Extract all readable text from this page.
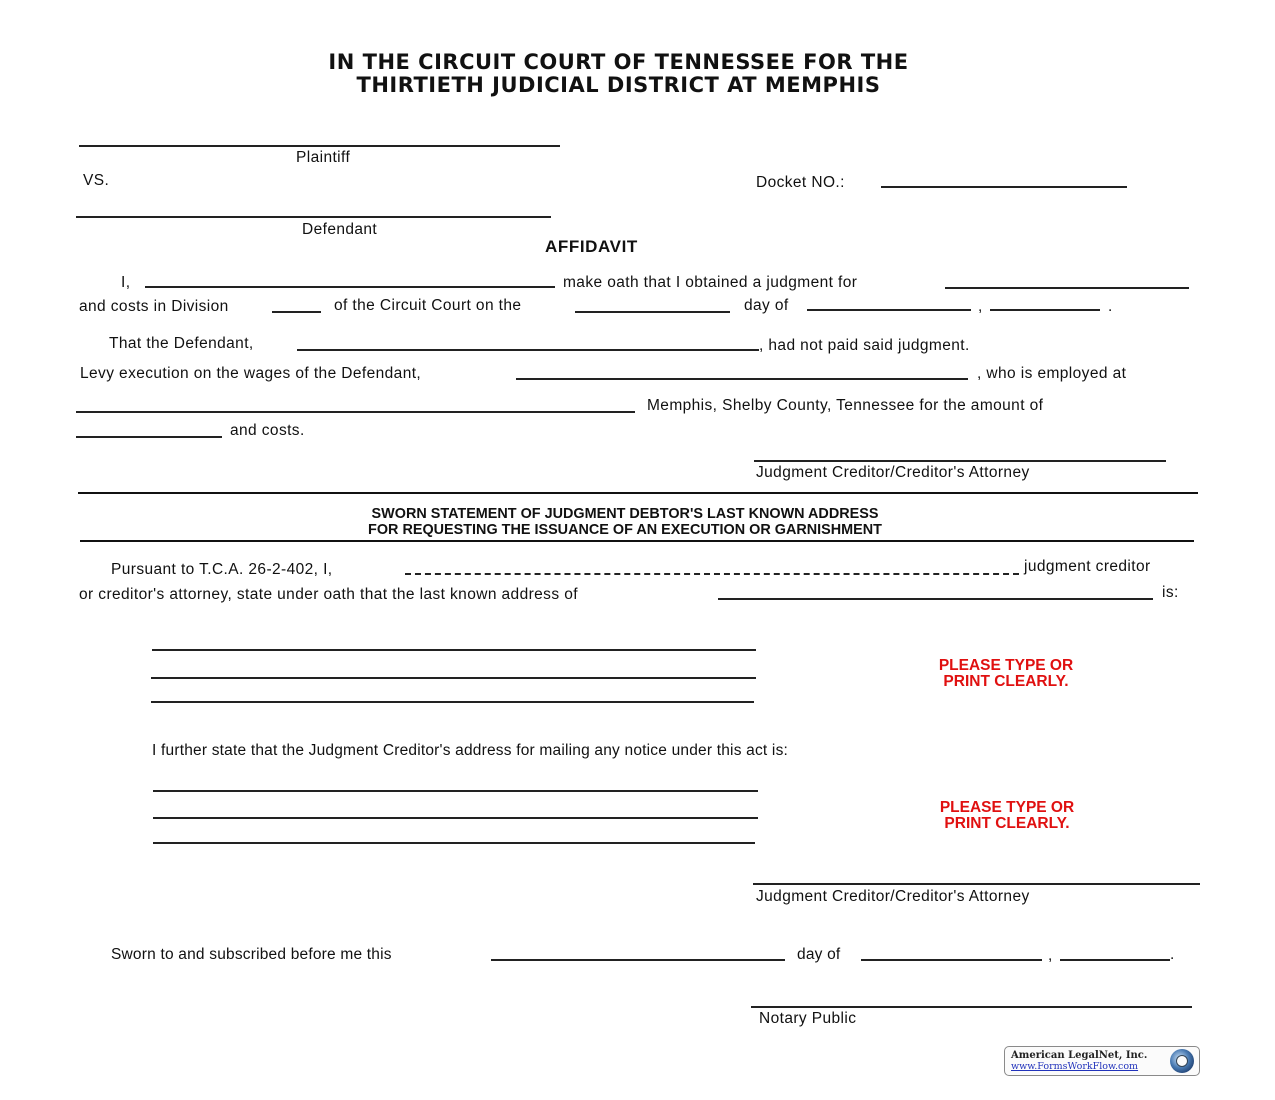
IN THE CIRCUIT COURT OF TENNESSEE FOR THE
THIRTIETH JUDICIAL DISTRICT AT MEMPHIS
Plaintiff
VS.	Docket NO.:
Defendant
AFFIDAVIT
I,	make oath that I obtained a judgment for
and costs in Division	of the Circuit Court on the	day of	,	.
That the Defendant,	, had not paid said judgment.
Levy execution on the wages of the Defendant,	, who is employed at
Memphis, Shelby County, Tennessee for the amount of
and costs.
Judgment Creditor/Creditor's Attorney
SWORN STATEMENT OF JUDGMENT DEBTOR'S LAST KNOWN ADDRESS
FOR REQUESTING THE ISSUANCE OF AN EXECUTION OR GARNISHMENT
Pursuant to T.C.A. 26-2-402, I,	judgment creditor
or creditor's attorney, state under oath that the last known address of	is:
PLEASE TYPE OR
PRINT CLEARLY.
I further state that the Judgment Creditor's address for mailing any notice under this act is:
PLEASE TYPE OR
PRINT CLEARLY.
Judgment Creditor/Creditor's Attorney
Sworn to and subscribed before me this	day of	,	.
Notary Public
American LegalNet, Inc.
www.FormsWorkFlow.com
